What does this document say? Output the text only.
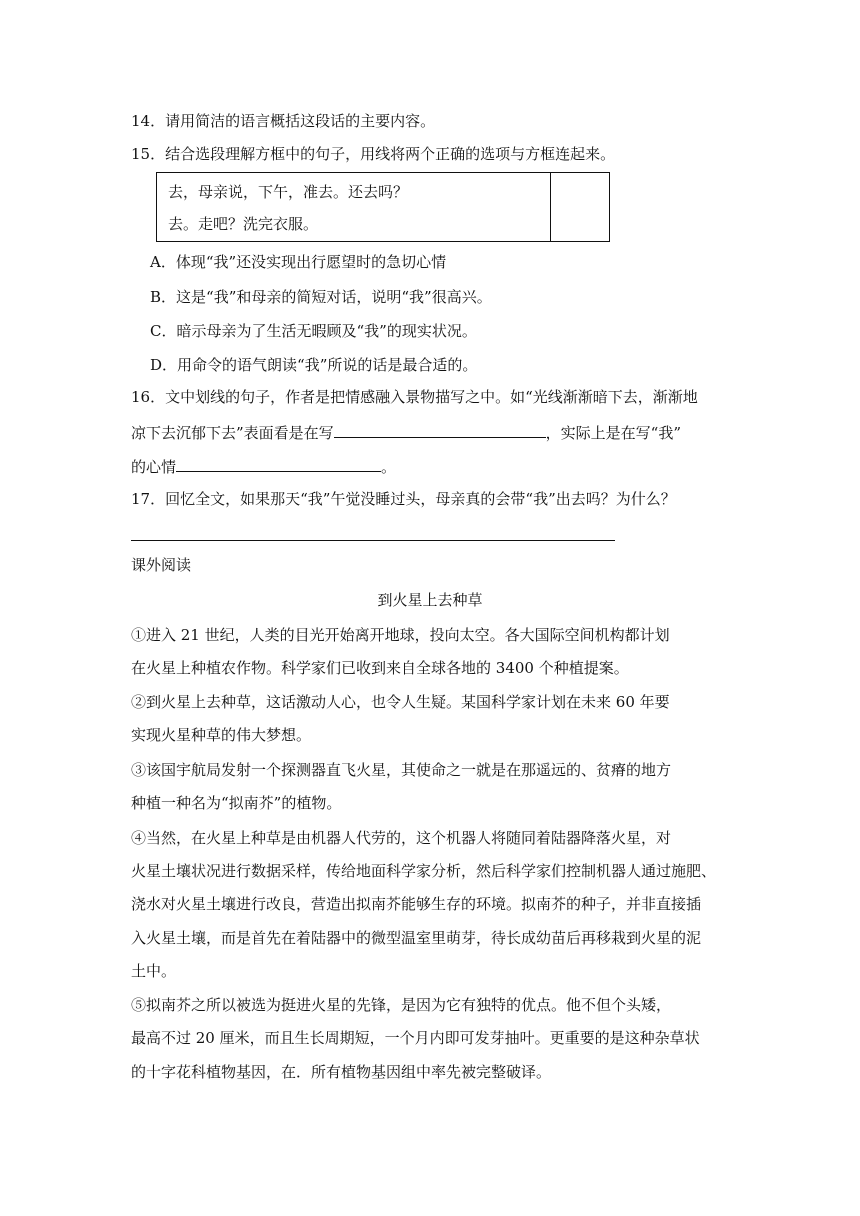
14．请用简洁的语言概括这段话的主要内容。
15．结合选段理解方框中的句子，用线将两个正确的选项与方框连起来。
去，母亲说，下午，准去。还去吗？
去。走吧？洗完衣服。
A．体现“我”还没实现出行愿望时的急切心情
B．这是“我”和母亲的简短对话，说明“我”很高兴。
C．暗示母亲为了生活无暇顾及“我”的现实状况。
D．用命令的语气朗读“我”所说的话是最合适的。
16．文中划线的句子，作者是把情感融入景物描写之中。如“光线渐渐暗下去，渐渐地
凉下去沉郁下去”表面看是在写	，实际上是在写“我”
的心情	。
17．回忆全文，如果那天“我”午觉没睡过头，母亲真的会带“我”出去吗？为什么？
课外阅读
到火星上去种草
①进入 21 世纪，人类的目光开始离开地球，投向太空。各大国际空间机构都计划
在火星上种植农作物。科学家们已收到来自全球各地的 3400 个种植提案。
②到火星上去种草，这话激动人心，也令人生疑。某国科学家计划在未来 60 年要
实现火星种草的伟大梦想。
③该国宇航局发射一个探测器直飞火星，其使命之一就是在那遥远的、贫瘠的地方
种植一种名为“拟南芥”的植物。
④当然，在火星上种草是由机器人代劳的，这个机器人将随同着陆器降落火星，对
火星土壤状况进行数据采样，传给地面科学家分析，然后科学家们控制机器人通过施肥、
浇水对火星土壤进行改良，营造出拟南芥能够生存的环境。拟南芥的种子，并非直接插
入火星土壤，而是首先在着陆器中的微型温室里萌芽，待长成幼苗后再移栽到火星的泥
土中。
⑤拟南芥之所以被选为挺进火星的先锋，是因为它有独特的优点。他不但个头矮，
最高不过 20 厘米，而且生长周期短，一个月内即可发芽抽叶。更重要的是这种杂草状
的十字花科植物基因，在．所有植物基因组中率先被完整破译。
